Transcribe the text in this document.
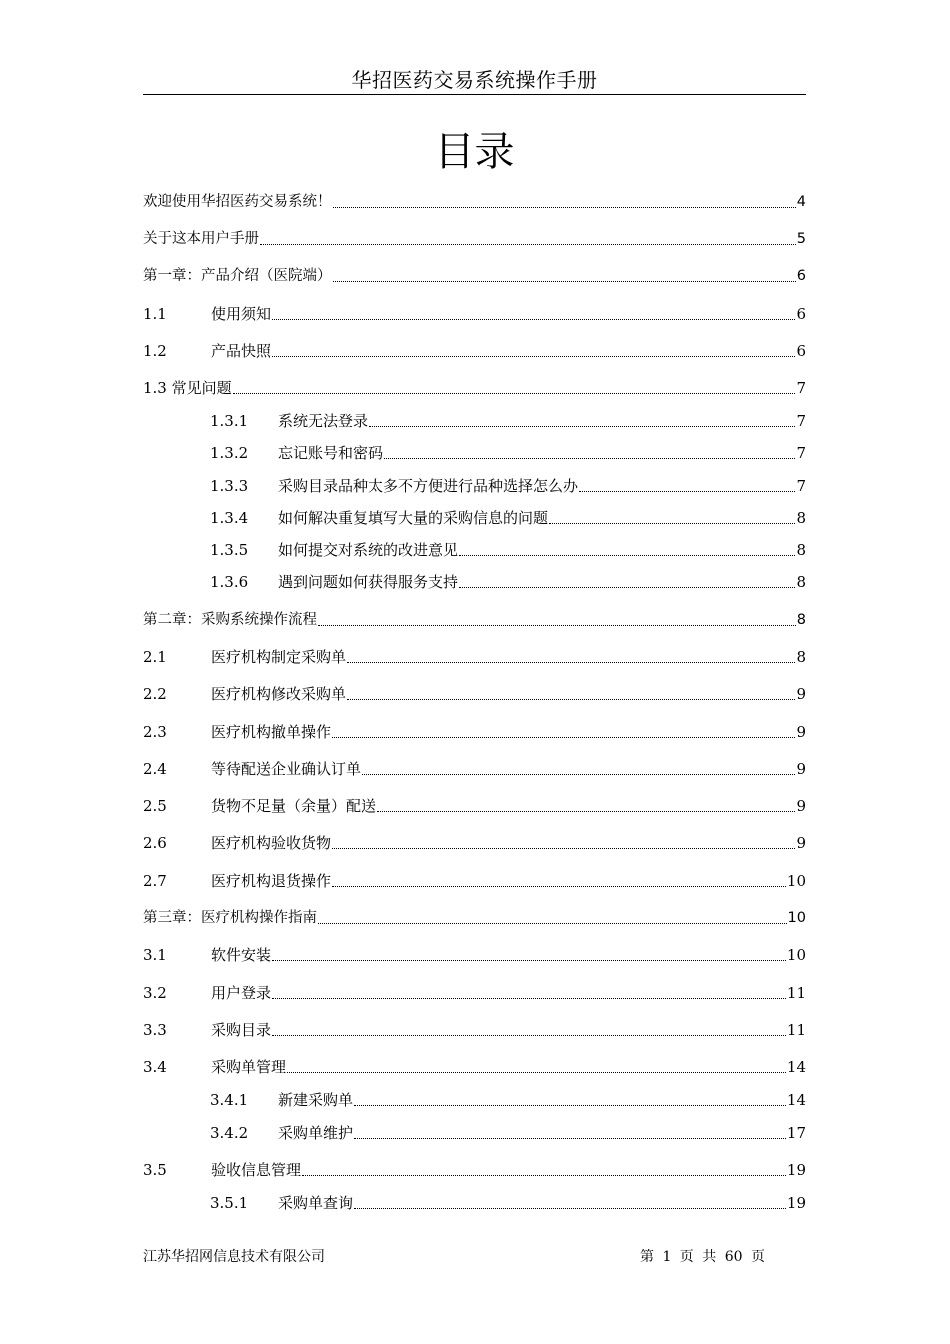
华招医药交易系统操作手册
目录
欢迎使用华招医药交易系统！	4
关于这本用户手册	5
第一章：产品介绍（医院端）	6
1.1	使用须知	6
1.2	产品快照	6
1.3 常见问题	7
1.3.1	系统无法登录	7
1.3.2	忘记账号和密码	7
1.3.3	采购目录品种太多不方便进行品种选择怎么办	7
1.3.4	如何解决重复填写大量的采购信息的问题	8
1.3.5	如何提交对系统的改进意见	8
1.3.6	遇到问题如何获得服务支持	8
第二章：采购系统操作流程	8
2.1	医疗机构制定采购单	8
2.2	医疗机构修改采购单	9
2.3	医疗机构撤单操作	9
2.4	等待配送企业确认订单	9
2.5	货物不足量（余量）配送	9
2.6	医疗机构验收货物	9
2.7	医疗机构退货操作	10
第三章：医疗机构操作指南	10
3.1	软件安装	10
3.2	用户登录	11
3.3	采购目录	11
3.4	采购单管理	14
3.4.1	新建采购单	14
3.4.2	采购单维护	17
3.5	验收信息管理	19
3.5.1	采购单查询	19
江苏华招网信息技术有限公司	第 1 页 共 60 页
